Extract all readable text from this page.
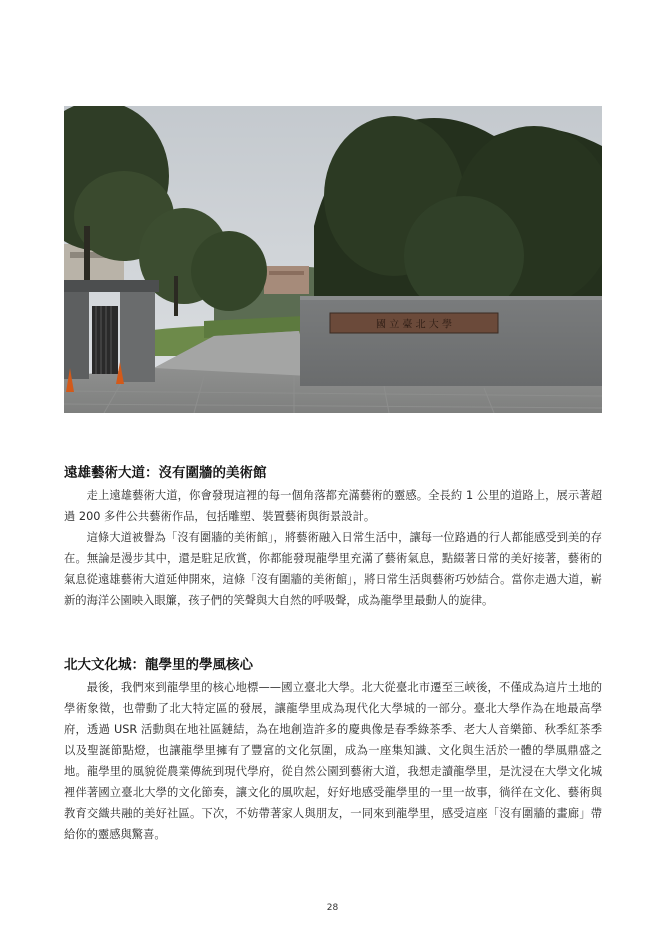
國 立 臺 北 大 學
遠雄藝術大道：沒有圍牆的美術館

走上遠雄藝術大道，你會發現這裡的每一個角落都充滿藝術的靈感。全長約 1 公里的道路上，展示著超過 200 多件公共藝術作品，包括雕塑、裝置藝術與街景設計。

這條大道被譽為「沒有圍牆的美術館」，將藝術融入日常生活中，讓每一位路過的行人都能感受到美的存在。無論是漫步其中，還是駐足欣賞，你都能發現龍學里充滿了藝術氣息，點綴著日常的美好接著，藝術的氣息從遠雄藝術大道延伸開來，這條「沒有圍牆的美術館」，將日常生活與藝術巧妙結合。當你走過大道，嶄新的海洋公園映入眼簾，孩子們的笑聲與大自然的呼吸聲，成為龍學里最動人的旋律。

北大文化城：龍學里的學風核心

最後，我們來到龍學里的核心地標——國立臺北大學。北大從臺北市遷至三峽後，不僅成為這片土地的學術象徵，也帶動了北大特定區的發展，讓龍學里成為現代化大學城的一部分。臺北大學作為在地最高學府，透過 USR 活動與在地社區鏈結，為在地創造許多的慶典像是春季綠茶季、老大人音樂節、秋季紅茶季以及聖誕節點燈，也讓龍學里擁有了豐富的文化氛圍，成為一座集知識、文化與生活於一體的學風鼎盛之地。龍學里的風貌從農業傳統到現代學府，從自然公園到藝術大道，我想走讀龍學里，是沈浸在大學文化城裡伴著國立臺北大學的文化節奏，讓文化的風吹起，好好地感受龍學里的一里一故事，徜徉在文化、藝術與教育交織共融的美好社區。下次，不妨帶著家人與朋友，一同來到龍學里，感受這座「沒有圍牆的畫廊」帶給你的靈感與驚喜。

28
